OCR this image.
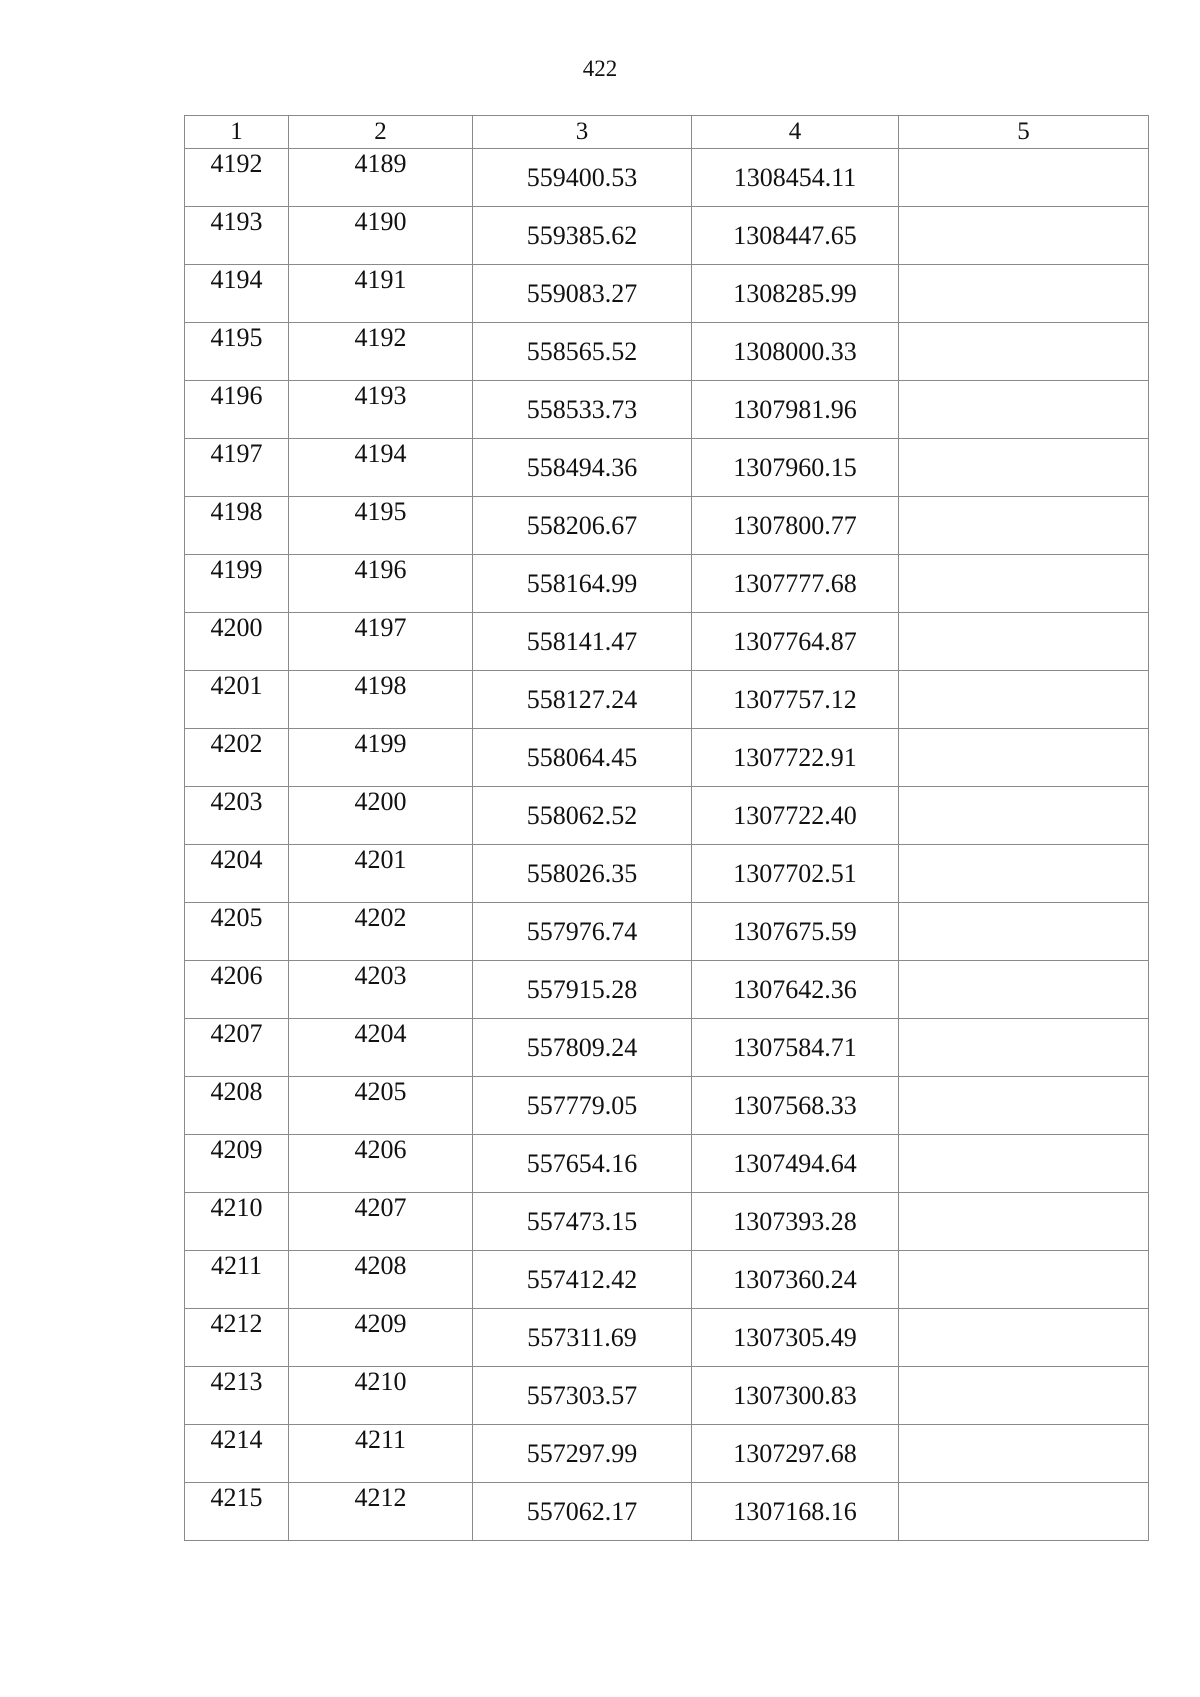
422
1	2	3	4	5
4192	4189	559400.53	1308454.11	
4193	4190	559385.62	1308447.65	
4194	4191	559083.27	1308285.99	
4195	4192	558565.52	1308000.33	
4196	4193	558533.73	1307981.96	
4197	4194	558494.36	1307960.15	
4198	4195	558206.67	1307800.77	
4199	4196	558164.99	1307777.68	
4200	4197	558141.47	1307764.87	
4201	4198	558127.24	1307757.12	
4202	4199	558064.45	1307722.91	
4203	4200	558062.52	1307722.40	
4204	4201	558026.35	1307702.51	
4205	4202	557976.74	1307675.59	
4206	4203	557915.28	1307642.36	
4207	4204	557809.24	1307584.71	
4208	4205	557779.05	1307568.33	
4209	4206	557654.16	1307494.64	
4210	4207	557473.15	1307393.28	
4211	4208	557412.42	1307360.24	
4212	4209	557311.69	1307305.49	
4213	4210	557303.57	1307300.83	
4214	4211	557297.99	1307297.68	
4215	4212	557062.17	1307168.16	
